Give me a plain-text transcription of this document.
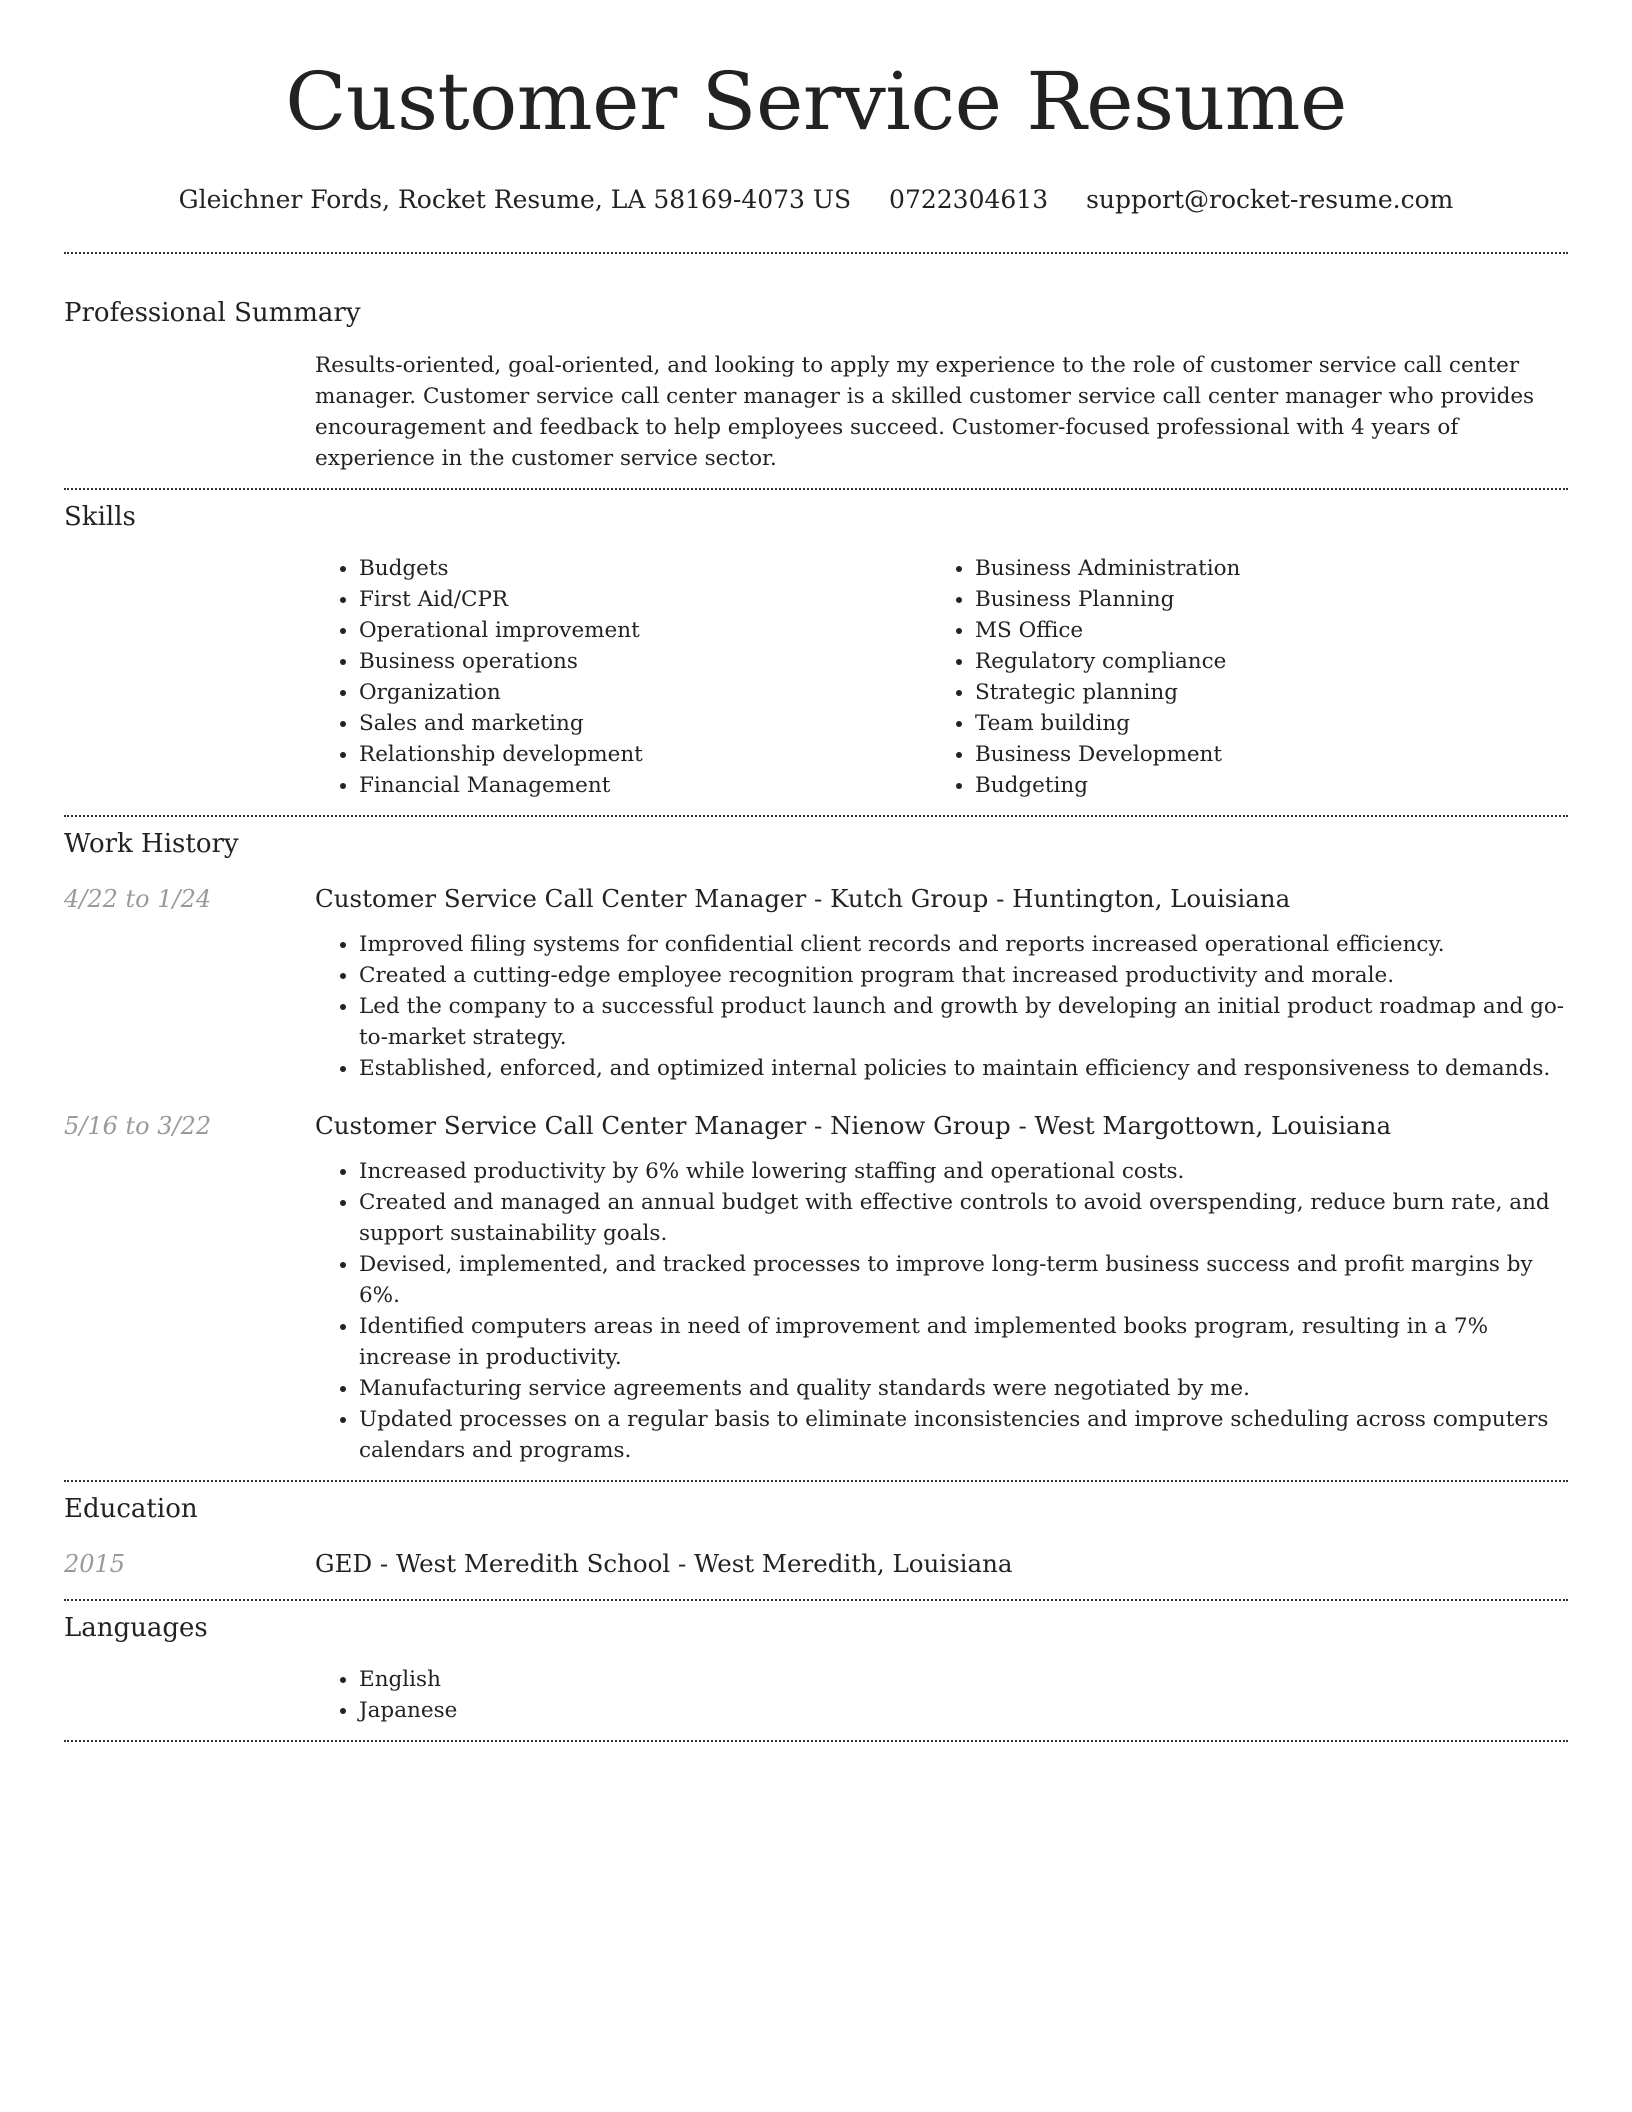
Customer Service Resume
Gleichner Fords, Rocket Resume, LA 58169-4073 US 0722304613 support@rocket-resume.com
Professional Summary

Results-oriented, goal-oriented, and looking to apply my experience to the role of customer service call center manager. Customer service call center manager is a skilled customer service call center manager who provides encouragement and feedback to help employees succeed. Customer-focused professional with 4 years of experience in the customer service sector.

Skills
• Budgets
• First Aid/CPR
• Operational improvement
• Business operations
• Organization
• Sales and marketing
• Relationship development
• Financial Management
• Business Administration
• Business Planning
• MS Office
• Regulatory compliance
• Strategic planning
• Team building
• Business Development
• Budgeting
Work History
4/22 to 1/24	Customer Service Call Center Manager - Kutch Group - Huntington, Louisiana
• Improved filing systems for confidential client records and reports increased operational efficiency.
• Created a cutting-edge employee recognition program that increased productivity and morale.
• Led the company to a successful product launch and growth by developing an initial product roadmap and go-to-market strategy.
• Established, enforced, and optimized internal policies to maintain efficiency and responsiveness to demands.
5/16 to 3/22	Customer Service Call Center Manager - Nienow Group - West Margottown, Louisiana
• Increased productivity by 6% while lowering staffing and operational costs.
• Created and managed an annual budget with effective controls to avoid overspending, reduce burn rate, and support sustainability goals.
• Devised, implemented, and tracked processes to improve long-term business success and profit margins by 6%.
• Identified computers areas in need of improvement and implemented books program, resulting in a 7% increase in productivity.
• Manufacturing service agreements and quality standards were negotiated by me.
• Updated processes on a regular basis to eliminate inconsistencies and improve scheduling across computers calendars and programs.
Education
2015	GED - West Meredith School - West Meredith, Louisiana
Languages
• English
• Japanese
